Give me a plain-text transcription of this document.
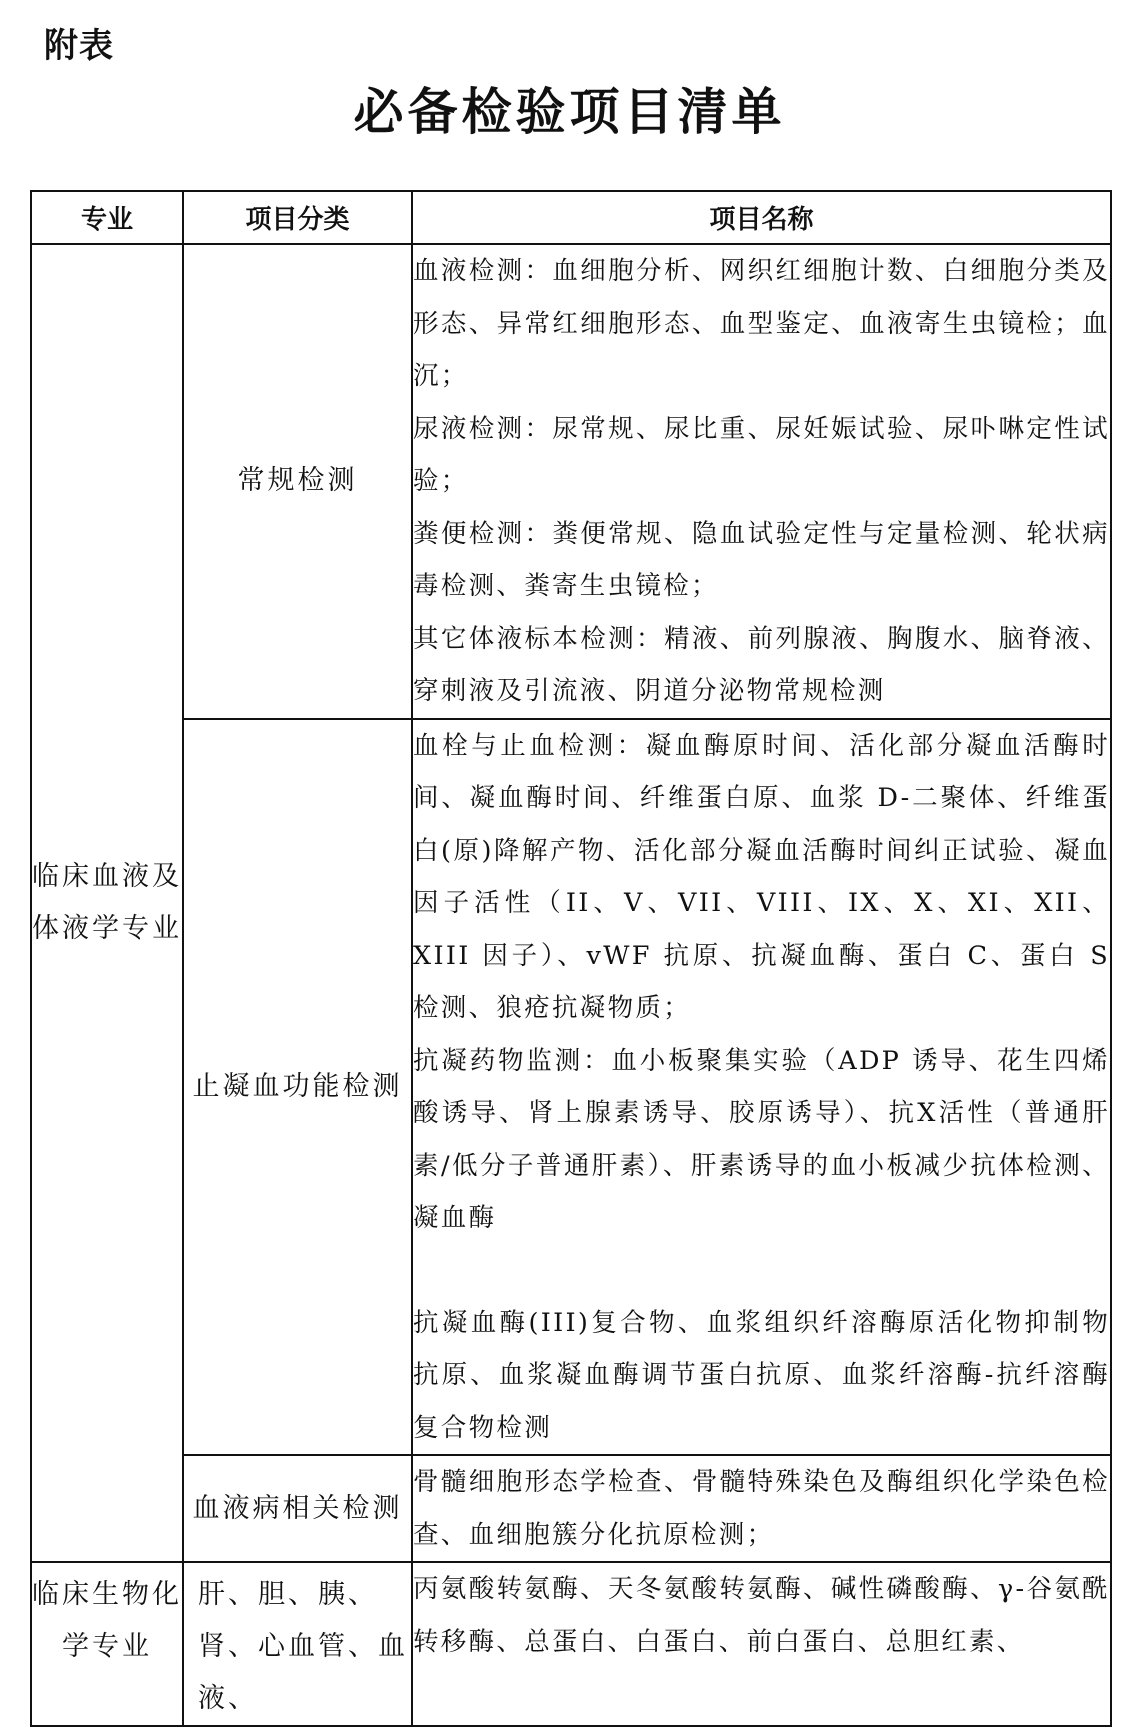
附表
必备检验项目清单
专业	项目分类	项目名称
临床血液及体液学专业	常规检测	血液检测：血细胞分析、网织红细胞计数、白细胞分类及形态、异常红细胞形态、血型鉴定、血液寄生虫镜检；血沉；
尿液检测：尿常规、尿比重、尿妊娠试验、尿卟啉定性试验；
粪便检测：粪便常规、隐血试验定性与定量检测、轮状病毒检测、粪寄生虫镜检；
其它体液标本检测：精液、前列腺液、胸腹水、脑脊液、穿刺液及引流液、阴道分泌物常规检测

	止凝血功能检测	血栓与止血检测：凝血酶原时间、活化部分凝血活酶时间、凝血酶时间、纤维蛋白原、血浆 D-二聚体、纤维蛋白(原)降解产物、活化部分凝血活酶时间纠正试验、凝血因子活性（II、V、VII、VIII、IX、X、XI、XII、XIII 因子）、vWF 抗原、抗凝血酶、蛋白 C、蛋白 S 检测、狼疮抗凝物质；
抗凝药物监测：血小板聚集实验（ADP 诱导、花生四烯酸诱导、肾上腺素诱导、胶原诱导）、抗Ⅹ活性（普通肝素/低分子普通肝素）、肝素诱导的血小板减少抗体检测、凝血酶
抗凝血酶(III)复合物、血浆组织纤溶酶原活化物抑制物抗原、血浆凝血酶调节蛋白抗原、血浆纤溶酶-抗纤溶酶复合物检测

	血液病相关检测	骨髓细胞形态学检查、骨髓特殊染色及酶组织化学染色检查、血细胞簇分化抗原检测；

临床生物化学专业	肝、胆、胰、肾、心血管、血液、	丙氨酸转氨酶、天冬氨酸转氨酶、碱性磷酸酶、γ-谷氨酰转移酶、总蛋白、白蛋白、前白蛋白、总胆红素、
